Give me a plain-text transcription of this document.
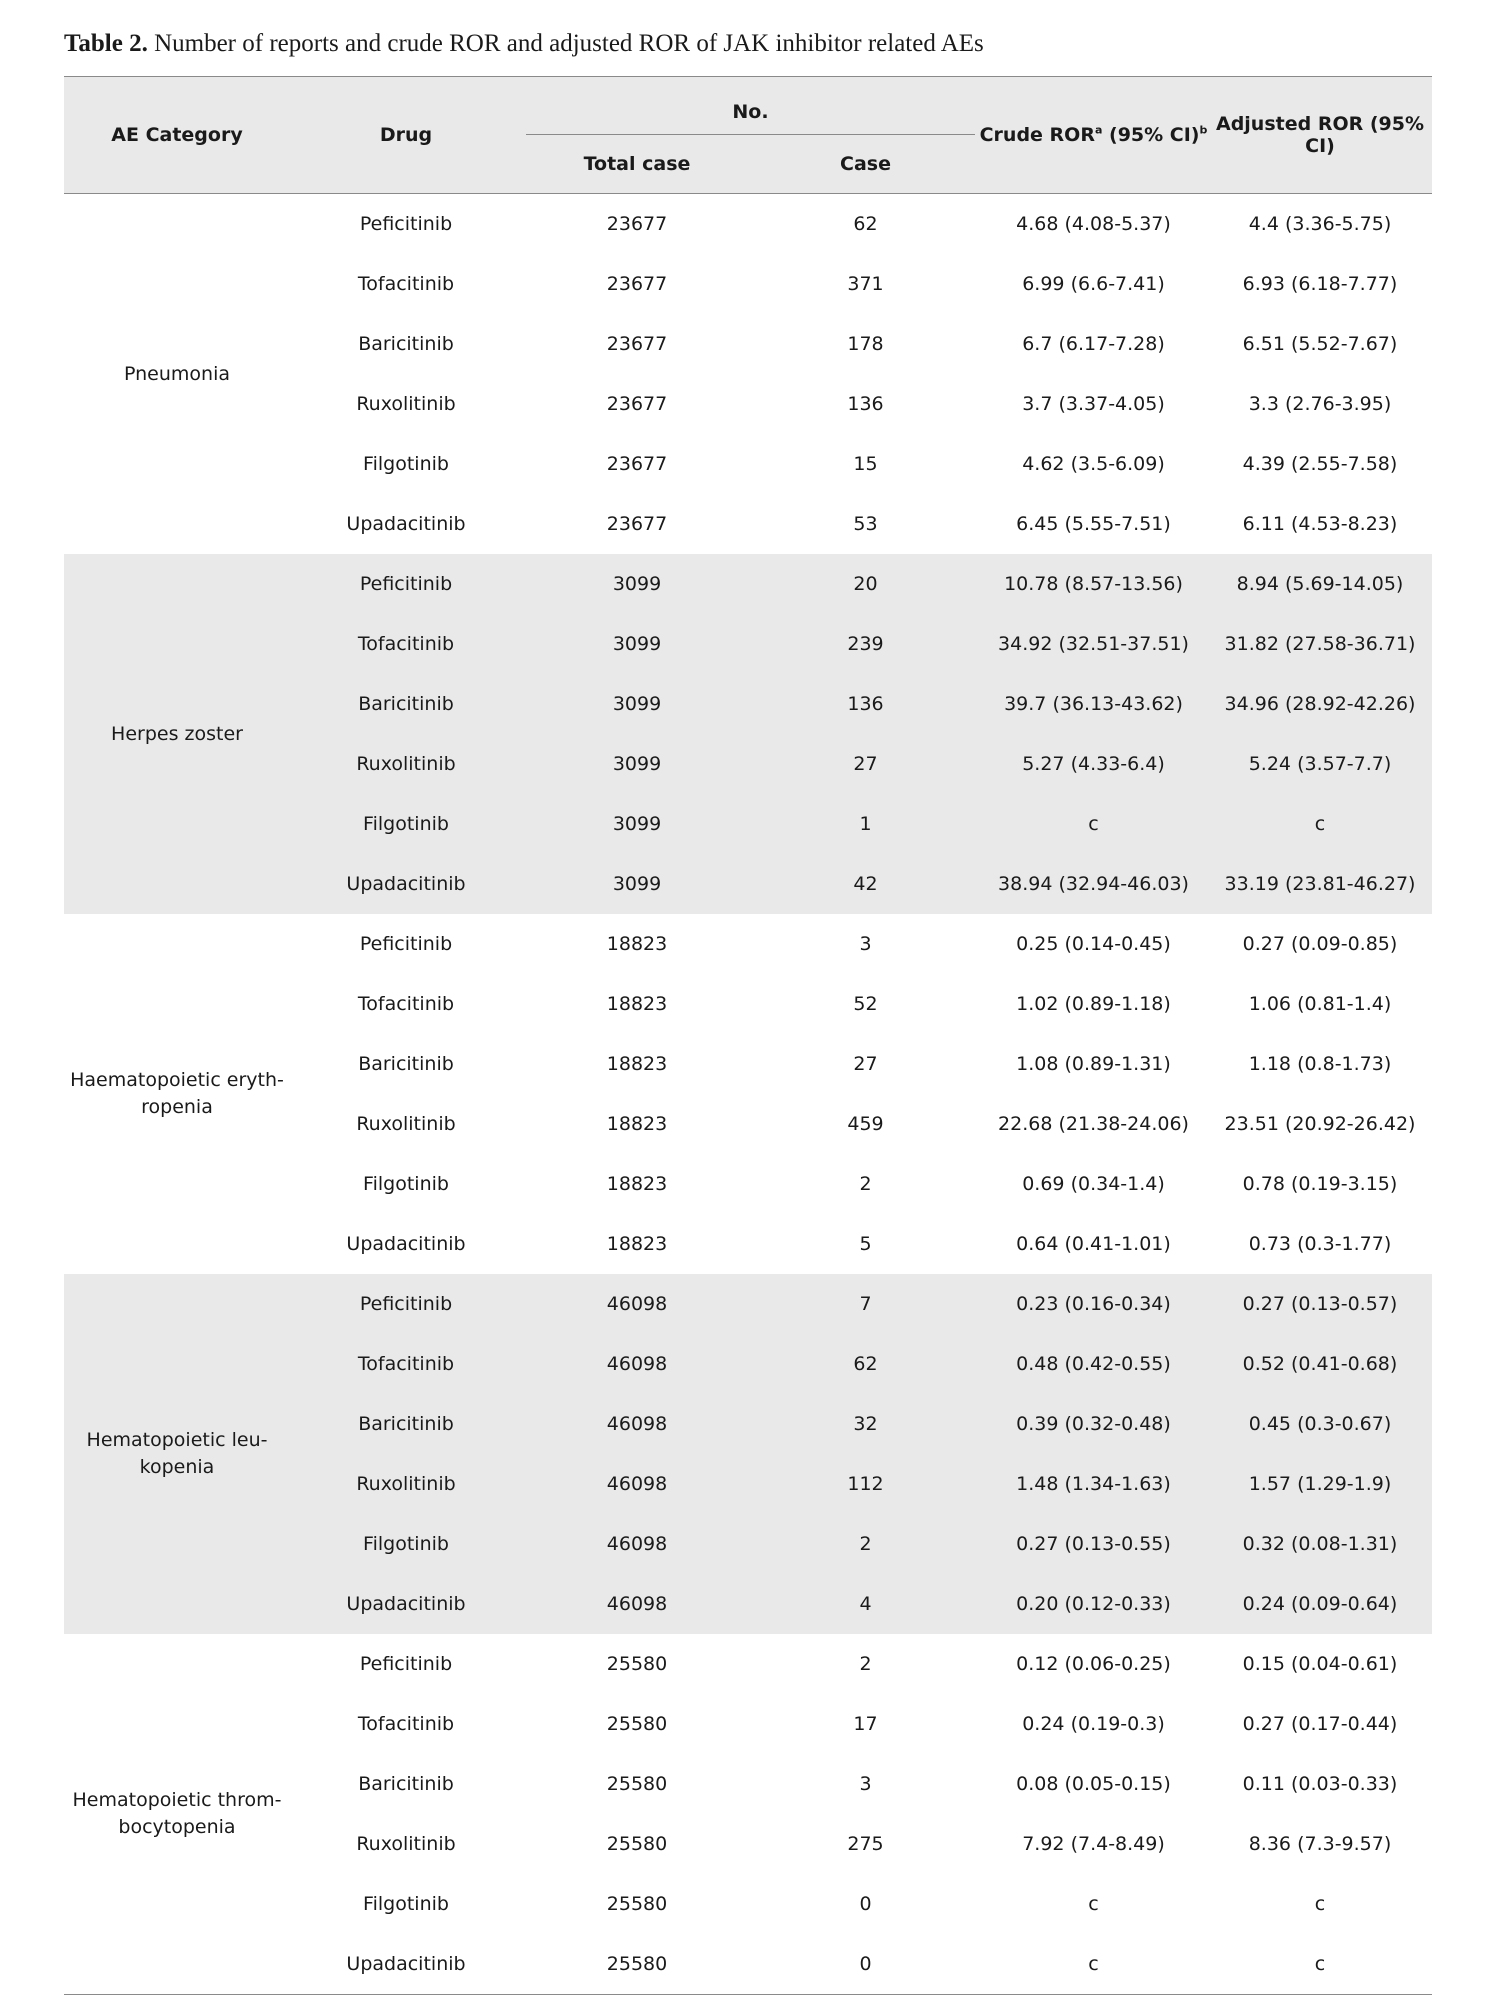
Table 2. Number of reports and crude ROR and adjusted ROR of JAK inhibitor related AEs
AE Category	Drug	No.		Crude ROR$^a$ (95% CI)$^b$	Adjusted ROR (95% CI)
		Total case	Case		
Pneumonia	Peficitinib	23677	62	4.68 (4.08-5.37)	4.4 (3.36-5.75)
	Tofacitinib	23677	371	6.99 (6.6-7.41)	6.93 (6.18-7.77)
	Baricitinib	23677	178	6.7 (6.17-7.28)	6.51 (5.52-7.67)
	Ruxolitinib	23677	136	3.7 (3.37-4.05)	3.3 (2.76-3.95)
	Filgotinib	23677	15	4.62 (3.5-6.09)	4.39 (2.55-7.58)
	Upadacitinib	23677	53	6.45 (5.55-7.51)	6.11 (4.53-8.23)
Herpes zoster	Peficitinib	3099	20	10.78 (8.57-13.56)	8.94 (5.69-14.05)
	Tofacitinib	3099	239	34.92 (32.51-37.51)	31.82 (27.58-36.71)
	Baricitinib	3099	136	39.7 (36.13-43.62)	34.96 (28.92-42.26)
	Ruxolitinib	3099	27	5.27 (4.33-6.4)	5.24 (3.57-7.7)
	Filgotinib	3099	1	c	c
	Upadacitinib	3099	42	38.94 (32.94-46.03)	33.19 (23.81-46.27)
Haematopoietic eryth-
ropenia	Peficitinib	18823	3	0.25 (0.14-0.45)	0.27 (0.09-0.85)
	Tofacitinib	18823	52	1.02 (0.89-1.18)	1.06 (0.81-1.4)
	Baricitinib	18823	27	1.08 (0.89-1.31)	1.18 (0.8-1.73)
	Ruxolitinib	18823	459	22.68 (21.38-24.06)	23.51 (20.92-26.42)
	Filgotinib	18823	2	0.69 (0.34-1.4)	0.78 (0.19-3.15)
	Upadacitinib	18823	5	0.64 (0.41-1.01)	0.73 (0.3-1.77)
Hematopoietic leu-
kopenia	Peficitinib	46098	7	0.23 (0.16-0.34)	0.27 (0.13-0.57)
	Tofacitinib	46098	62	0.48 (0.42-0.55)	0.52 (0.41-0.68)
	Baricitinib	46098	32	0.39 (0.32-0.48)	0.45 (0.3-0.67)
	Ruxolitinib	46098	112	1.48 (1.34-1.63)	1.57 (1.29-1.9)
	Filgotinib	46098	2	0.27 (0.13-0.55)	0.32 (0.08-1.31)
	Upadacitinib	46098	4	0.20 (0.12-0.33)	0.24 (0.09-0.64)
Hematopoietic throm-
bocytopenia	Peficitinib	25580	2	0.12 (0.06-0.25)	0.15 (0.04-0.61)
	Tofacitinib	25580	17	0.24 (0.19-0.3)	0.27 (0.17-0.44)
	Baricitinib	25580	3	0.08 (0.05-0.15)	0.11 (0.03-0.33)
	Ruxolitinib	25580	275	7.92 (7.4-8.49)	8.36 (7.3-9.57)
	Filgotinib	25580	0	c	c
	Upadacitinib	25580	0	c	c
